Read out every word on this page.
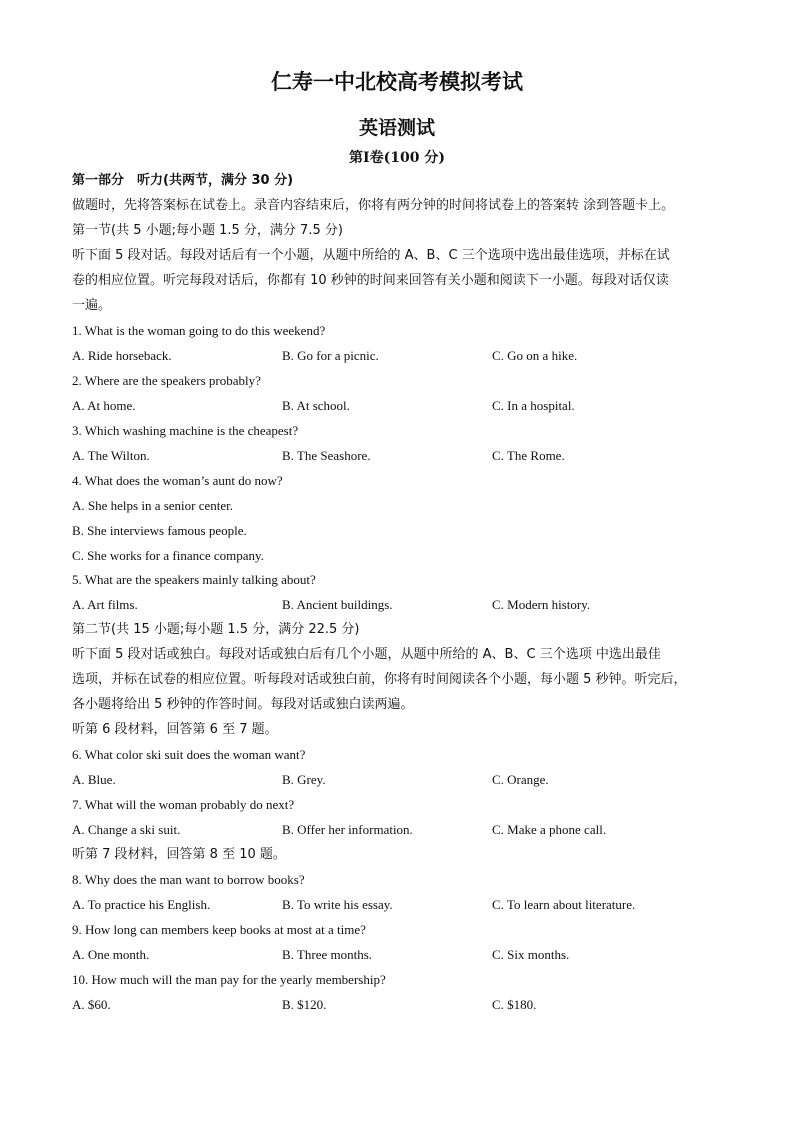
仁寿一中北校高考模拟考试
英语测试
第Ⅰ卷(100 分)
第一部分　听力(共两节，满分 30 分)
做题时，先将答案标在试卷上。录音内容结束后，你将有两分钟的时间将试卷上的答案转 涂到答题卡上。
第一节(共 5 小题;每小题 1.5 分，满分 7.5 分)
听下面 5 段对话。每段对话后有一个小题，从题中所给的 A、B、C 三个选项中选出最佳选项，并标在试
卷的相应位置。听完每段对话后，你都有 10 秒钟的时间来回答有关小题和阅读下一小题。每段对话仅读
一遍。
1. What is the woman going to do this weekend?
A. Ride horseback.	B. Go for a picnic.	C. Go on a hike.
2. Where are the speakers probably?
A. At home.	B. At school.	C. In a hospital.
3. Which washing machine is the cheapest?
A. The Wilton.	B. The Seashore.	C. The Rome.
4. What does the woman’s aunt do now?
A. She helps in a senior center.
B. She interviews famous people.
C. She works for a finance company.
5. What are the speakers mainly talking about?
A. Art films.	B. Ancient buildings.	C. Modern history.
第二节(共 15 小题;每小题 1.5 分，满分 22.5 分)
听下面 5 段对话或独白。每段对话或独白后有几个小题，从题中所给的 A、B、C 三个选项 中选出最佳
选项，并标在试卷的相应位置。听每段对话或独白前，你将有时间阅读各个小题，每小题 5 秒钟。听完后，
各小题将给出 5 秒钟的作答时间。每段对话或独白读两遍。
听第 6 段材料，回答第 6 至 7 题。
6. What color ski suit does the woman want?
A. Blue.	B. Grey.	C. Orange.
7. What will the woman probably do next?
A. Change a ski suit.	B. Offer her information.	C. Make a phone call.
听第 7 段材料，回答第 8 至 10 题。
8. Why does the man want to borrow books?
A. To practice his English.	B. To write his essay.	C. To learn about literature.
9. How long can members keep books at most at a time?
A. One month.	B. Three months.	C. Six months.
10. How much will the man pay for the yearly membership?
A. $60.	B. $120.	C. $180.
